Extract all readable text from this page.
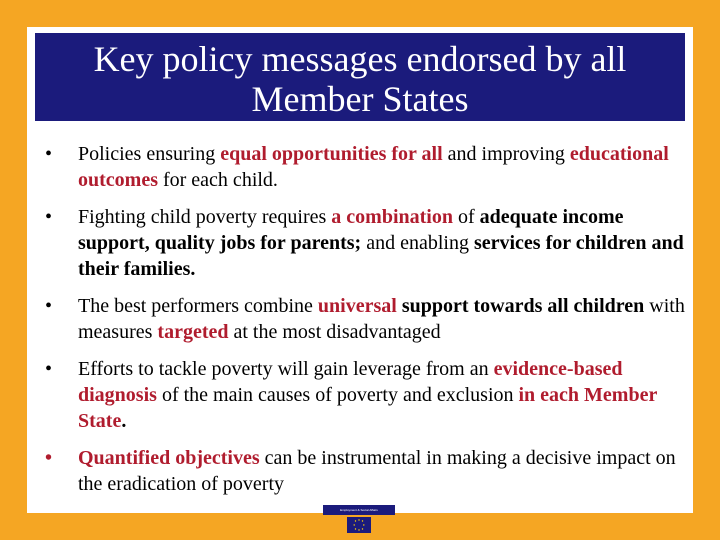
Key policy messages endorsed by all
Member States
•	Policies ensuring equal opportunities for all and improving educational outcomes for each child.
•	Fighting child poverty requires a combination of adequate income support, quality jobs for parents; and enabling services for children and their families.
•	The best performers combine universal support towards all children with measures targeted at the most disadvantaged
•	Efforts to tackle poverty will gain leverage from an evidence-based diagnosis of the main causes of poverty and exclusion in each Member State.
•	Quantified objectives can be instrumental in making a decisive impact on the eradication of poverty
Employment & Social Affairs
